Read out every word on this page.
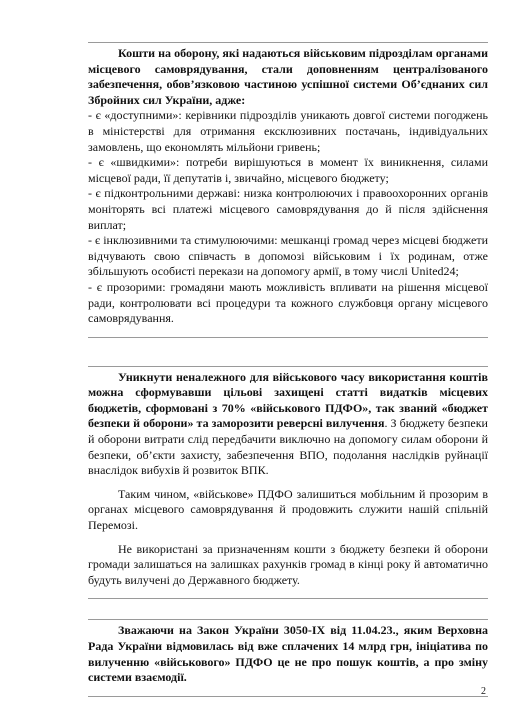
Кошти на оборону, які надаються військовим підрозділам органами місцевого самоврядування, стали доповненням централізованого забезпечення, обов’язковою частиною успішної системи Об’єднаних сил Збройних сил України, адже:

- є «доступними»: керівники підрозділів уникають довгої системи погоджень в міністерстві для отримання ексклюзивних постачань, індивідуальних замовлень, що економлять мільйони гривень;

- є «швидкими»: потреби вирішуються в момент їх виникнення, силами місцевої ради, її депутатів і, звичайно, місцевого бюджету;

- є підконтрольними державі: низка контролюючих і правоохоронних органів моніторять всі платежі місцевого самоврядування до й після здійснення виплат;

- є інклюзивними та стимулюючими: мешканці громад через місцеві бюджети відчувають свою співчасть в допомозі військовим і їх родинам, отже збільшують особисті перекази на допомогу армії, в тому числі United24;

- є прозорими: громадяни мають можливість впливати на рішення місцевої ради, контролювати всі процедури та кожного службовця органу місцевого самоврядування.

Уникнути неналежного для військового часу використання коштів можна сформувавши цільові захищені статті видатків місцевих бюджетів, сформовані з 70% «військового ПДФО», так званий «бюджет безпеки й оборони» та заморозити реверсні вилучення. З бюджету безпеки й оборони витрати слід передбачити виключно на допомогу силам оборони й безпеки, об’єкти захисту, забезпечення ВПО, подолання наслідків руйнації внаслідок вибухів й розвиток ВПК.

Таким чином, «військове» ПДФО залишиться мобільним й прозорим в органах місцевого самоврядування й продовжить служити нашій спільній Перемозі.

Не використані за призначенням кошти з бюджету безпеки й оборони громади залишаться на залишках рахунків громад в кінці року й автоматично будуть вилучені до Державного бюджету.

Зважаючи на Закон України 3050-IX від 11.04.23., яким Верховна Рада України відмовилась від вже сплачених 14 млрд грн, ініціатива по вилученню «військового» ПДФО це не про пошук коштів, а про зміну системи взаємодії.

2
